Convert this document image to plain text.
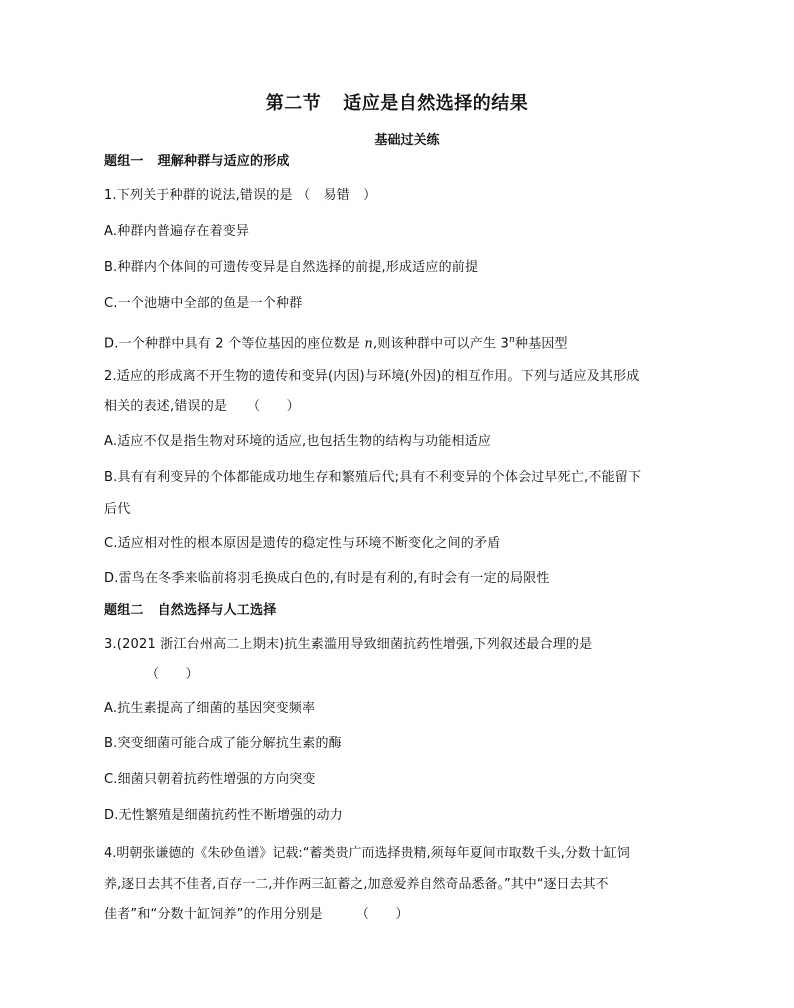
第二节 适应是自然选择的结果
基础过关练
题组一 理解种群与适应的形成
1.下列关于种群的说法,错误的是 （　易错　）
A.种群内普遍存在着变异
B.种群内个体间的可遗传变异是自然选择的前提,形成适应的前提
C.一个池塘中全部的鱼是一个种群
D.一个种群中具有 2 个等位基因的座位数是 n,则该种群中可以产生 3$^n$种基因型
2.适应的形成离不开生物的遗传和变异(内因)与环境(外因)的相互作用。下列与适应及其形成
相关的表述,错误的是　　（　　）
A.适应不仅是指生物对环境的适应,也包括生物的结构与功能相适应
B.具有有利变异的个体都能成功地生存和繁殖后代;具有不利变异的个体会过早死亡,不能留下
后代
C.适应相对性的根本原因是遗传的稳定性与环境不断变化之间的矛盾
D.雷鸟在冬季来临前将羽毛换成白色的,有时是有利的,有时会有一定的局限性
题组二 自然选择与人工选择
3.(2021 浙江台州高二上期末)抗生素滥用导致细菌抗药性增强,下列叙述最合理的是
（　　）
A.抗生素提高了细菌的基因突变频率
B.突变细菌可能合成了能分解抗生素的酶
C.细菌只朝着抗药性增强的方向突变
D.无性繁殖是细菌抗药性不断增强的动力
4.明朝张谦德的《朱砂鱼谱》记载:“蓄类贵广而选择贵精,须每年夏间市取数千头,分数十缸饲
养,逐日去其不佳者,百存一二,并作两三缸蓄之,加意爱养自然奇品悉备。”其中“逐日去其不
佳者”和“分数十缸饲养”的作用分别是　　　（　　）
